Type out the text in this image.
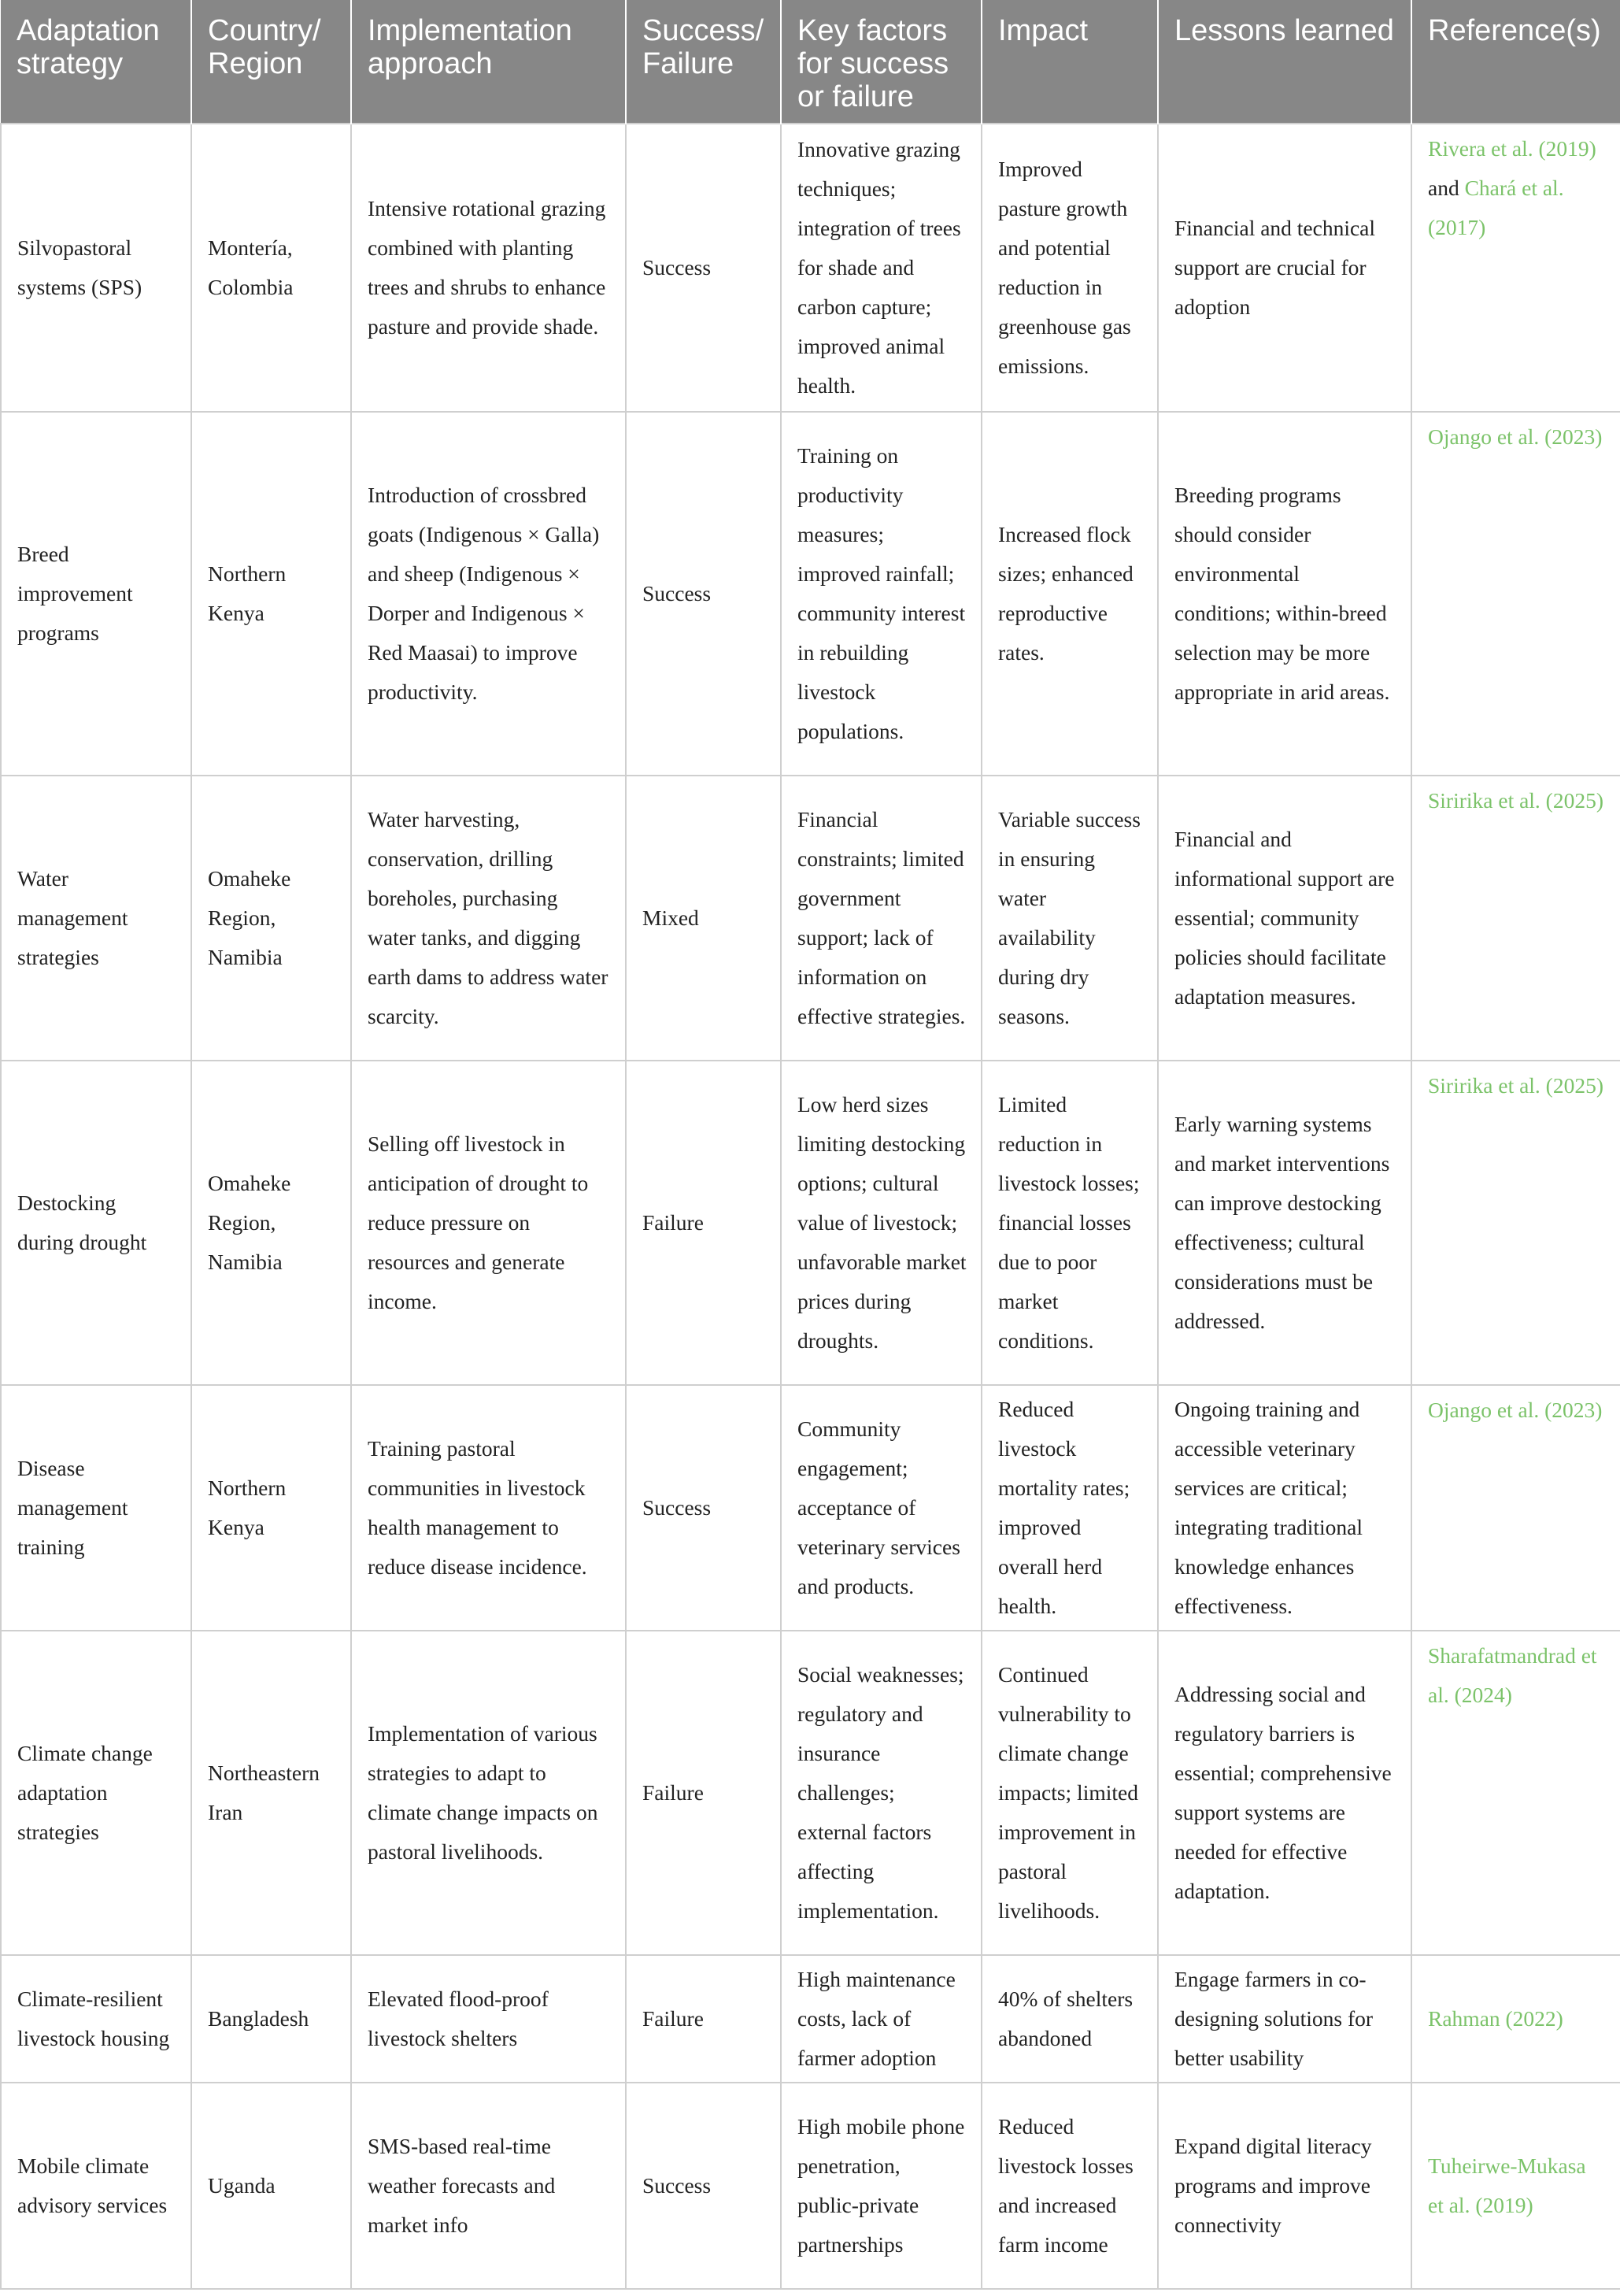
Adaptation strategy	Country/ Region	Implementation approach	Success/ Failure	Key factors for success or failure	Impact	Lessons learned	Reference(s)
Silvopastoral systems (SPS)	Montería, Colombia	Intensive rotational grazing combined with planting trees and shrubs to enhance pasture and provide shade.	Success	Innovative grazing techniques; integration of trees for shade and carbon capture; improved animal health.	Improved pasture growth and potential reduction in greenhouse gas emissions.	Financial and technical support are crucial for adoption	Rivera et al. (2019) and Chará et al. (2017)
Breed improvement programs	Northern Kenya	Introduction of crossbred goats (Indigenous × Galla) and sheep (Indigenous × Dorper and Indigenous × Red Maasai) to improve productivity.	Success	Training on productivity measures; improved rainfall; community interest in rebuilding livestock populations.	Increased flock sizes; enhanced reproductive rates.	Breeding programs should consider environmental conditions; within-breed selection may be more appropriate in arid areas.	Ojango et al. (2023)
Water management strategies	Omaheke Region, Namibia	Water harvesting, conservation, drilling boreholes, purchasing water tanks, and digging earth dams to address water scarcity.	Mixed	Financial constraints; limited government support; lack of information on effective strategies.	Variable success in ensuring water availability during dry seasons.	Financial and informational support are essential; community policies should facilitate adaptation measures.	Siririka et al. (2025)
Destocking during drought	Omaheke Region, Namibia	Selling off livestock in anticipation of drought to reduce pressure on resources and generate income.	Failure	Low herd sizes limiting destocking options; cultural value of livestock; unfavorable market prices during droughts.	Limited reduction in livestock losses; financial losses due to poor market conditions.	Early warning systems and market interventions can improve destocking effectiveness; cultural considerations must be addressed.	Siririka et al. (2025)
Disease management training	Northern Kenya	Training pastoral communities in livestock health management to reduce disease incidence.	Success	Community engagement; acceptance of veterinary services and products.	Reduced livestock mortality rates; improved overall herd health.	Ongoing training and accessible veterinary services are critical; integrating traditional knowledge enhances effectiveness.	Ojango et al. (2023)
Climate change adaptation strategies	Northeastern Iran	Implementation of various strategies to adapt to climate change impacts on pastoral livelihoods.	Failure	Social weaknesses; regulatory and insurance challenges; external factors affecting implementation.	Continued vulnerability to climate change impacts; limited improvement in pastoral livelihoods.	Addressing social and regulatory barriers is essential; comprehensive support systems are needed for effective adaptation.	Sharafatmandrad et al. (2024)
Climate-resilient livestock housing	Bangladesh	Elevated flood-proof livestock shelters	Failure	High maintenance costs, lack of farmer adoption	40% of shelters abandoned	Engage farmers in co-designing solutions for better usability	Rahman (2022)
Mobile climate advisory services	Uganda	SMS-based real-time weather forecasts and market info	Success	High mobile phone penetration, public-private partnerships	Reduced livestock losses and increased farm income	Expand digital literacy programs and improve connectivity	Tuheirwe-Mukasa et al. (2019)
